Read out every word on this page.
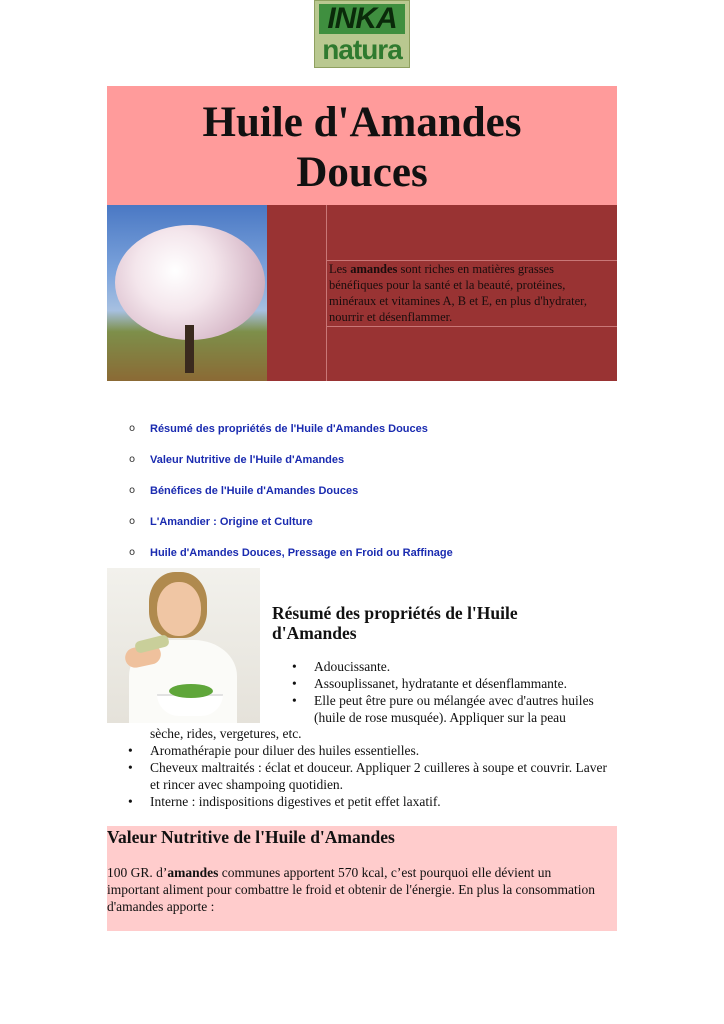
INKA
natura
Huile d'Amandes
Douces
Les amandes sont riches en matières grasses bénéfiques pour la santé et la beauté, protéines, minéraux et vitamines A, B et E, en plus d'hydrater, nourrir et désenflammer.
o	Résumé des propriétés de l'Huile d'Amandes Douces
o	Valeur Nutritive de l'Huile d'Amandes
o	Bénéfices de l'Huile d'Amandes Douces
o	L'Amandier : Origine et Culture
o	Huile d'Amandes Douces, Pressage en Froid ou Raffinage
Résumé des propriétés de l'Huile d'Amandes
• Adoucissante.
• Assouplissanet, hydratante et désenflammante.
• Elle peut être pure ou mélangée avec d'autres huiles (huile de rose musquée). Appliquer sur la peau
sèche, rides, vergetures, etc.
• Aromathérapie pour diluer des huiles essentielles.
• Cheveux maltraités : éclat et douceur. Appliquer 2 cuilleres à soupe et couvrir. Laver et rincer avec shampoing quotidien.
• Interne : indispositions digestives et petit effet laxatif.
Valeur Nutritive de l'Huile d'Amandes

100 GR. d’amandes communes apportent 570 kcal, c’est pourquoi elle dévient un important aliment pour combattre le froid et obtenir de l'énergie. En plus la consommation d'amandes apporte :
